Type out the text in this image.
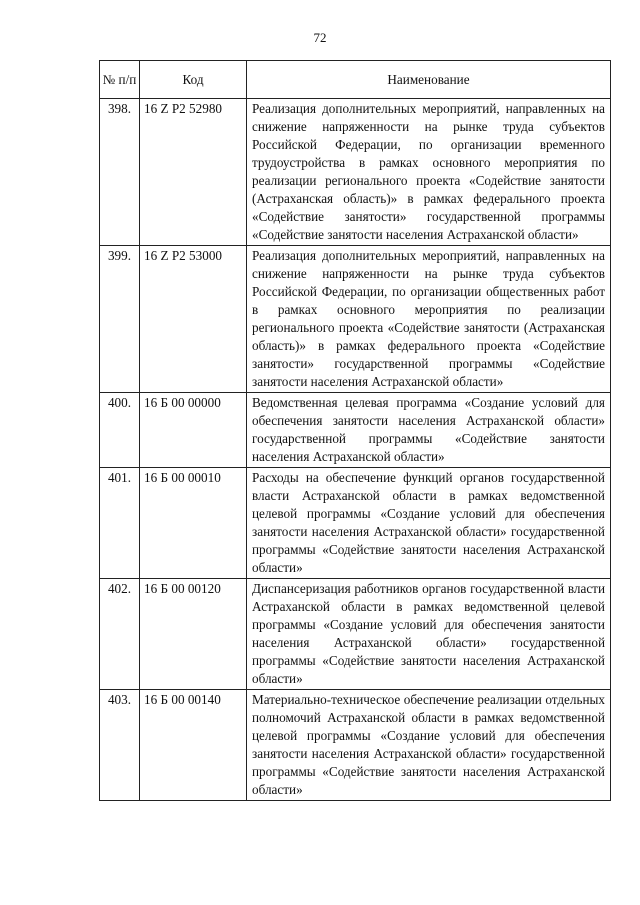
72
№ п/п	Код	Наименование
398.	16 Z P2 52980	Реализация дополнительных мероприятий, направленных на снижение напряженности на рынке труда субъектов Российской Федерации, по организации временного трудоустройства в рамках основного мероприятия по реализации регионального проекта «Содействие занятости (Астраханская область)» в рамках федерального проекта «Содействие занятости» государственной программы «Содействие занятости населения Астраханской области»
399.	16 Z P2 53000	Реализация дополнительных мероприятий, направленных на снижение напряженности на рынке труда субъектов Российской Федерации, по организации общественных работ в рамках основного мероприятия по реализации регионального проекта «Содействие занятости (Астраханская область)» в рамках федерального проекта «Содействие занятости» государственной программы «Содействие занятости населения Астраханской области»
400.	16 Б 00 00000	Ведомственная целевая программа «Создание условий для обеспечения занятости населения Астраханской области» государственной программы «Содействие занятости населения Астраханской области»
401.	16 Б 00 00010	Расходы на обеспечение функций органов государственной власти Астраханской области в рамках ведомственной целевой программы «Создание условий для обеспечения занятости населения Астраханской области» государственной программы «Содействие занятости населения Астраханской области»
402.	16 Б 00 00120	Диспансеризация работников органов государственной власти Астраханской области в рамках ведомственной целевой программы «Создание условий для обеспечения занятости населения Астраханской области» государственной программы «Содействие занятости населения Астраханской области»
403.	16 Б 00 00140	Материально-техническое обеспечение реализации отдельных полномочий Астраханской области в рамках ведомственной целевой программы «Создание условий для обеспечения занятости населения Астраханской области» государственной программы «Содействие занятости населения Астраханской области»
